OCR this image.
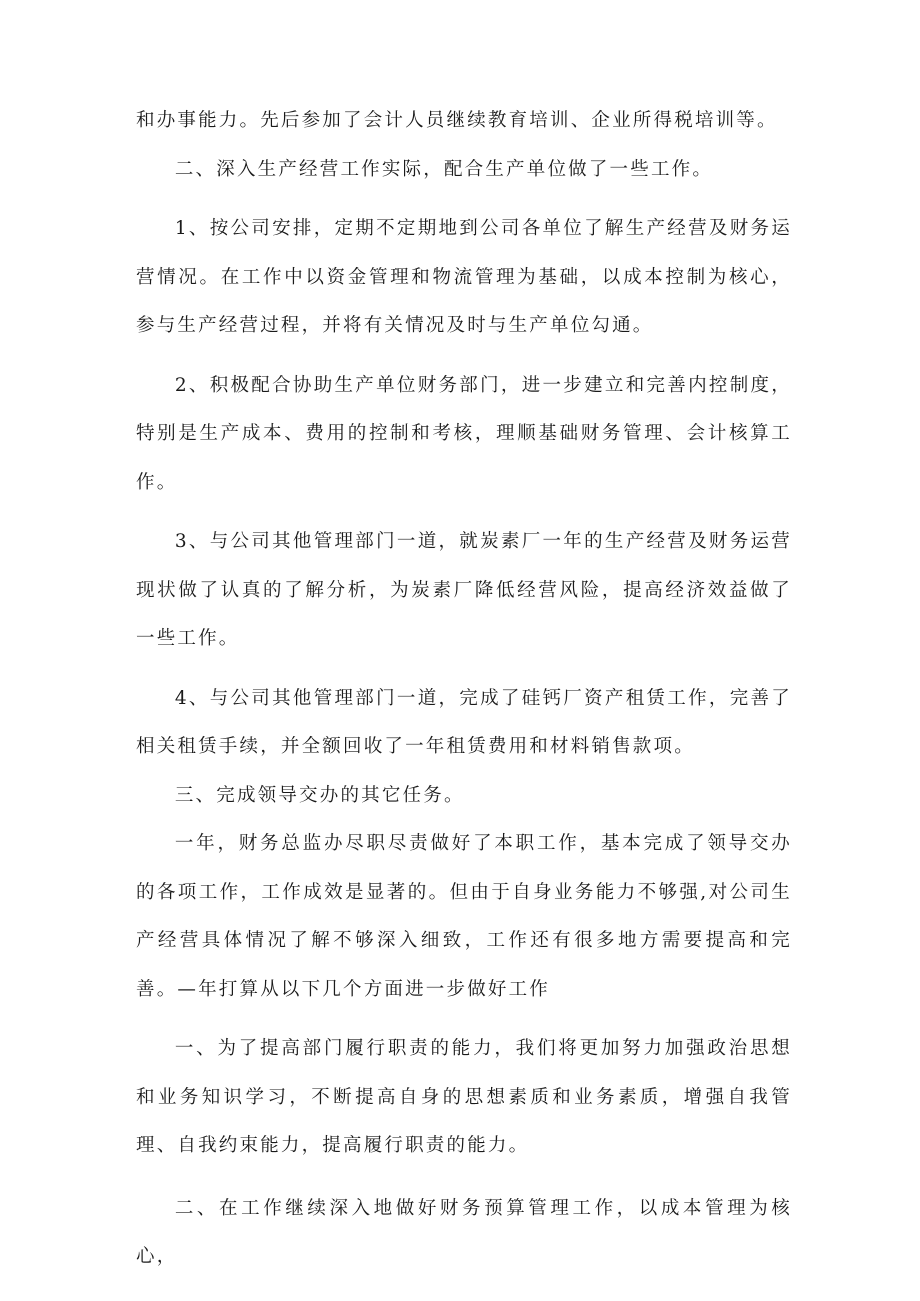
和办事能力。先后参加了会计人员继续教育培训、企业所得税培训等。

二、深入生产经营工作实际，配合生产单位做了一些工作。

1、按公司安排，定期不定期地到公司各单位了解生产经营及财务运营情况。在工作中以资金管理和物流管理为基础，以成本控制为核心，参与生产经营过程，并将有关情况及时与生产单位勾通。

2、积极配合协助生产单位财务部门，进一步建立和完善内控制度，特别是生产成本、费用的控制和考核，理顺基础财务管理、会计核算工作。

3、与公司其他管理部门一道，就炭素厂一年的生产经营及财务运营现状做了认真的了解分析，为炭素厂降低经营风险，提高经济效益做了一些工作。

4、与公司其他管理部门一道，完成了硅钙厂资产租赁工作，完善了相关租赁手续，并全额回收了一年租赁费用和材料销售款项。

三、完成领导交办的其它任务。

一年，财务总监办尽职尽责做好了本职工作，基本完成了领导交办的各项工作，工作成效是显著的。但由于自身业务能力不够强,对公司生产经营具体情况了解不够深入细致，工作还有很多地方需要提高和完善。—年打算从以下几个方面进一步做好工作

一、为了提高部门履行职责的能力，我们将更加努力加强政治思想和业务知识学习，不断提高自身的思想素质和业务素质，增强自我管理、自我约束能力，提高履行职责的能力。

二、在工作继续深入地做好财务预算管理工作，以成本管理为核心，
